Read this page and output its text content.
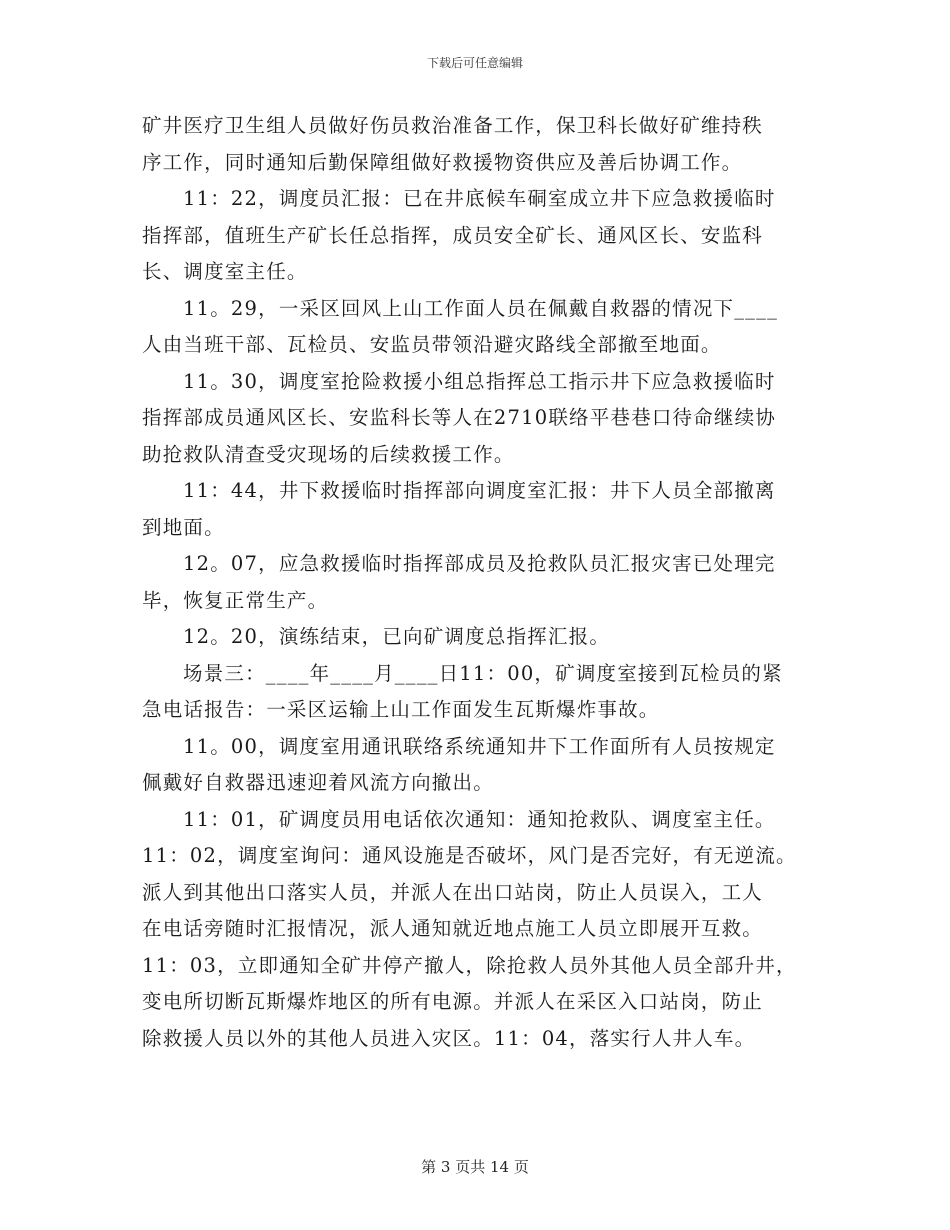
下载后可任意编辑
矿井医疗卫生组人员做好伤员救治准备工作，保卫科长做好矿维持秩
序工作，同时通知后勤保障组做好救援物资供应及善后协调工作。
11：22，调度员汇报：已在井底候车硐室成立井下应急救援临时
指挥部，值班生产矿长任总指挥，成员安全矿长、通风区长、安监科
长、调度室主任。
11。29，一采区回风上山工作面人员在佩戴自救器的情况下____
人由当班干部、瓦检员、安监员带领沿避灾路线全部撤至地面。
11。30，调度室抢险救援小组总指挥总工指示井下应急救援临时
指挥部成员通风区长、安监科长等人在2710联络平巷巷口待命继续协
助抢救队清查受灾现场的后续救援工作。
11：44，井下救援临时指挥部向调度室汇报：井下人员全部撤离
到地面。
12。07，应急救援临时指挥部成员及抢救队员汇报灾害已处理完
毕，恢复正常生产。
12。20，演练结束，已向矿调度总指挥汇报。
场景三：____年____月____日11：00，矿调度室接到瓦检员的紧
急电话报告：一采区运输上山工作面发生瓦斯爆炸事故。
11。00，调度室用通讯联络系统通知井下工作面所有人员按规定
佩戴好自救器迅速迎着风流方向撤出。
11：01，矿调度员用电话依次通知：通知抢救队、调度室主任。
11：02，调度室询问：通风设施是否破坏，风门是否完好，有无逆流。
派人到其他出口落实人员，并派人在出口站岗，防止人员误入，工人
在电话旁随时汇报情况，派人通知就近地点施工人员立即展开互救。
11：03，立即通知全矿井停产撤人，除抢救人员外其他人员全部升井，
变电所切断瓦斯爆炸地区的所有电源。并派人在采区入口站岗，防止
除救援人员以外的其他人员进入灾区。11：04，落实行人井人车。
第 3 页共 14 页
